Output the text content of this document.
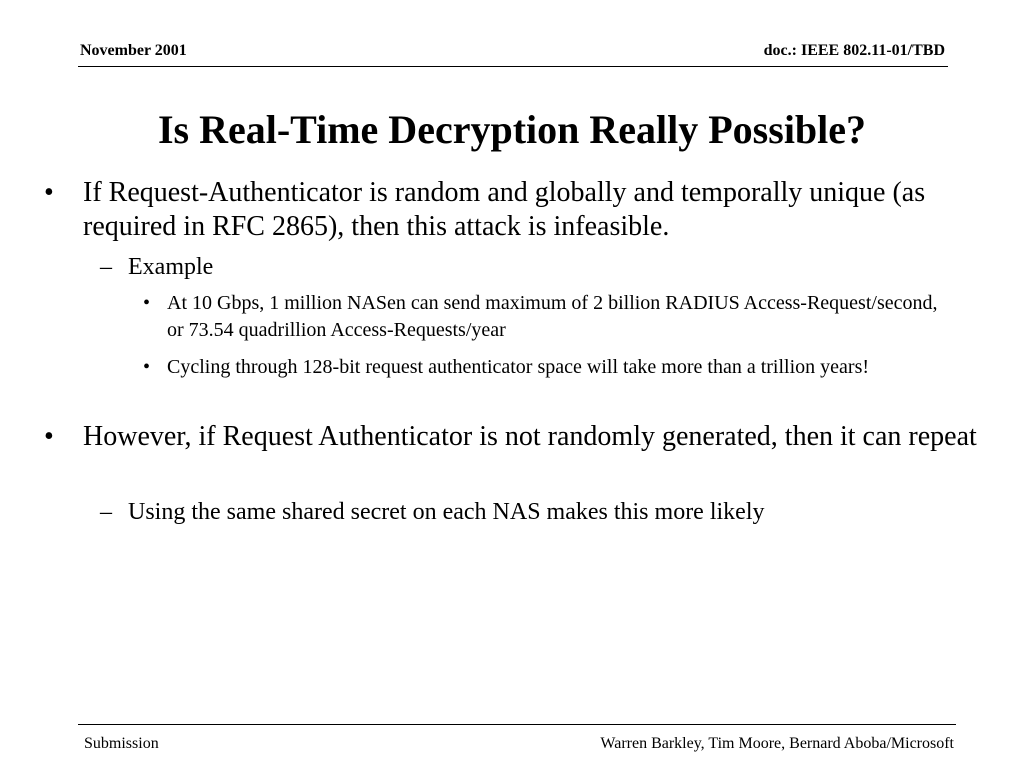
November 2001	doc.: IEEE 802.11-01/TBD
Is Real-Time Decryption Really Possible?
• If Request-Authenticator is random and globally and temporally unique (as required in RFC 2865), then this attack is infeasible.
– Example
• At 10 Gbps, 1 million NASen can send maximum of 2 billion RADIUS Access-Request/second, or 73.54 quadrillion Access-Requests/year
• Cycling through 128-bit request authenticator space will take more than a trillion years!
• However, if Request Authenticator is not randomly generated, then it can repeat
– Using the same shared secret on each NAS makes this more likely
Submission	Warren Barkley, Tim Moore, Bernard Aboba/Microsoft
